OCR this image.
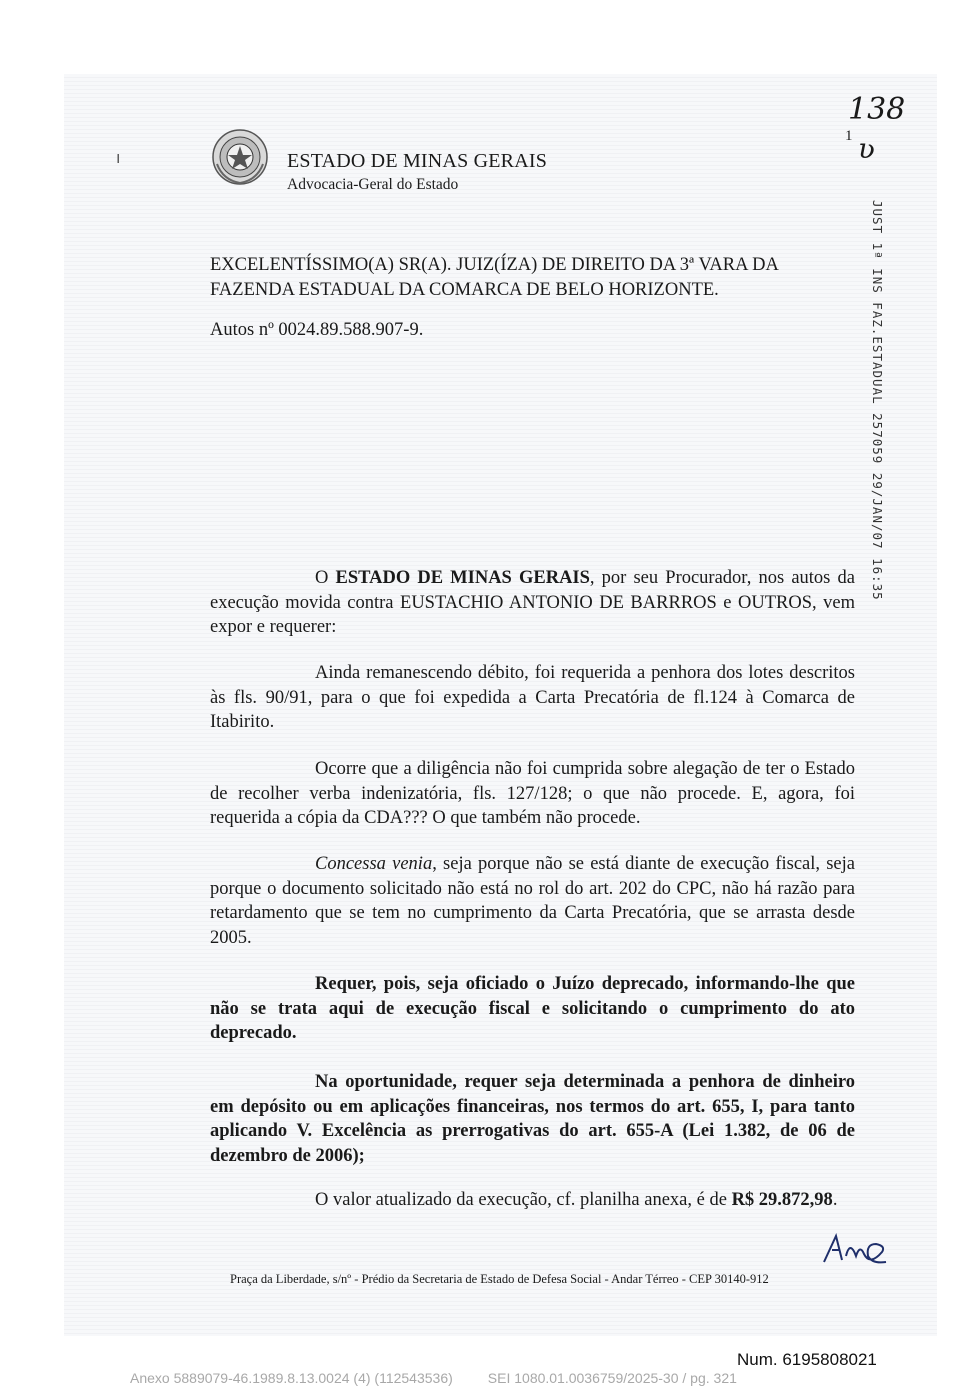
ESTADO DE MINAS GERAIS
Advocacia-Geral do Estado
1
138
ʋ
ı
JUST 1ª INS FAZ.ESTADUAL 257059 29/JAN/07 16:35
EXCELENTÍSSIMO(A) SR(A). JUIZ(ÍZA) DE DIREITO DA 3ª VARA DA FAZENDA ESTADUAL DA COMARCA DE BELO HORIZONTE.
Autos nº 0024.89.588.907-9.
O ESTADO DE MINAS GERAIS, por seu Procurador, nos autos da execução movida contra EUSTACHIO ANTONIO DE BARRROS e OUTROS, vem expor e requerer:
Ainda remanescendo débito, foi requerida a penhora dos lotes descritos às fls. 90/91, para o que foi expedida a Carta Precatória de fl.124 à Comarca de Itabirito.
Ocorre que a diligência não foi cumprida sobre alegação de ter o Estado de recolher verba indenizatória, fls. 127/128; o que não procede. E, agora, foi requerida a cópia da CDA??? O que também não procede.
Concessa venia, seja porque não se está diante de execução fiscal, seja porque o documento solicitado não está no rol do art. 202 do CPC, não há razão para retardamento que se tem no cumprimento da Carta Precatória, que se arrasta desde 2005.
Requer, pois, seja oficiado o Juízo deprecado, informando-lhe que não se trata aqui de execução fiscal e solicitando o cumprimento do ato deprecado.
Na oportunidade, requer seja determinada a penhora de dinheiro em depósito ou em aplicações financeiras, nos termos do art. 655, I, para tanto aplicando V. Excelência as prerrogativas do art. 655-A (Lei 1.382, de 06 de dezembro de 2006);
O valor atualizado da execução, cf. planilha anexa, é de R$ 29.872,98.
Praça da Liberdade, s/nº - Prédio da Secretaria de Estado de Defesa Social - Andar Térreo - CEP 30140-912
Num. 6195808021
Anexo 5889079-46.1989.8.13.0024 (4) (112543536)         SEI 1080.01.0036759/2025-30 / pg. 321
